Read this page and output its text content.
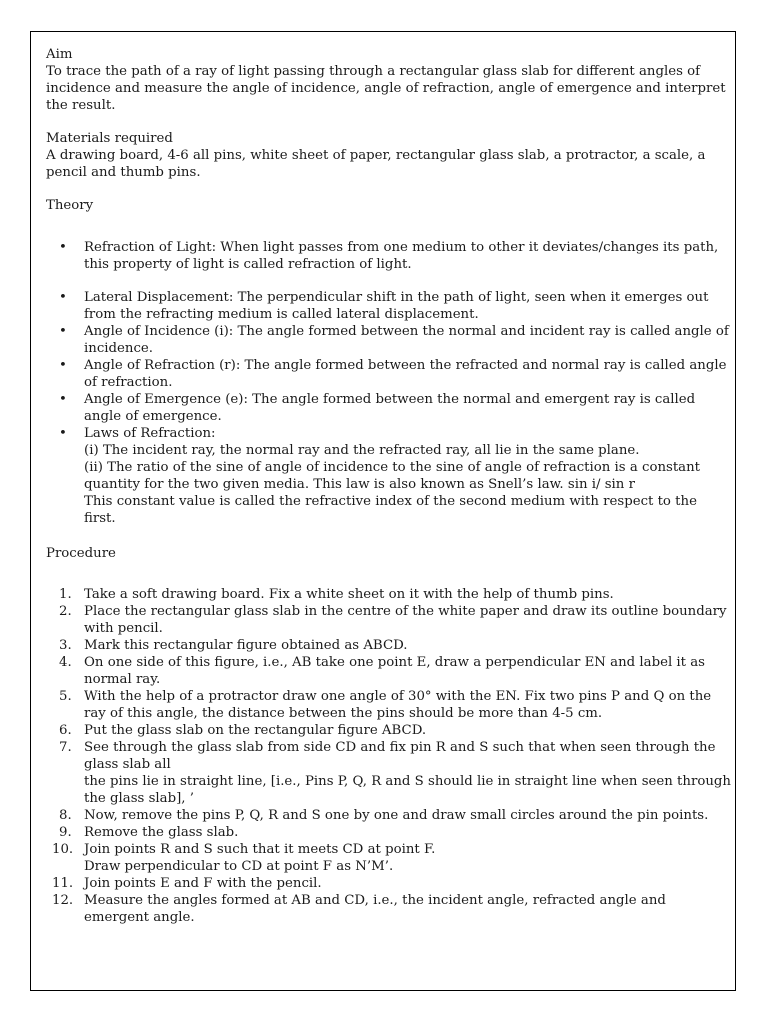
Aim

To trace the path of a ray of light passing through a rectangular glass slab for different angles of incidence and measure the angle of incidence, angle of refraction, angle of emergence and interpret the result.

Materials required

A drawing board, 4-6 all pins, white sheet of paper, rectangular glass slab, a protractor, a scale, a pencil and thumb pins.

Theory

• Refraction of Light: When light passes from one medium to other it deviates/changes its path, this property of light is called refraction of light.
• Lateral Displacement: The perpendicular shift in the path of light, seen when it emerges out from the refracting medium is called lateral displacement.
• Angle of Incidence (i): The angle formed between the normal and incident ray is called angle of incidence.
• Angle of Refraction (r): The angle formed between the refracted and normal ray is called angle of refraction.
• Angle of Emergence (e): The angle formed between the normal and emergent ray is called angle of emergence.
• Laws of Refraction:
(i) The incident ray, the normal ray and the refracted ray, all lie in the same plane.
(ii) The ratio of the sine of angle of incidence to the sine of angle of refraction is a constant quantity for the two given media. This law is also known as Snell’s law. sin i/ sin r
This constant value is called the refractive index of the second medium with respect to the first.

Procedure

1. Take a soft drawing board. Fix a white sheet on it with the help of thumb pins.
2. Place the rectangular glass slab in the centre of the white paper and draw its outline boundary with pencil.
3. Mark this rectangular figure obtained as ABCD.
4. On one side of this figure, i.e., AB take one point E, draw a perpendicular EN and label it as normal ray.
5. With the help of a protractor draw one angle of 30° with the EN. Fix two pins P and Q on the ray of this angle, the distance between the pins should be more than 4-5 cm.
6. Put the glass slab on the rectangular figure ABCD.
7. See through the glass slab from side CD and fix pin R and S such that when seen through the glass slab all
the pins lie in straight line, [i.e., Pins P, Q, R and S should lie in straight line when seen through the glass slab], ’
8. Now, remove the pins P, Q, R and S one by one and draw small circles around the pin points.
9. Remove the glass slab.
10. Join points R and S such that it meets CD at point F.
Draw perpendicular to CD at point F as N’M’.
11. Join points E and F with the pencil.
12. Measure the angles formed at AB and CD, i.e., the incident angle, refracted angle and emergent angle.
